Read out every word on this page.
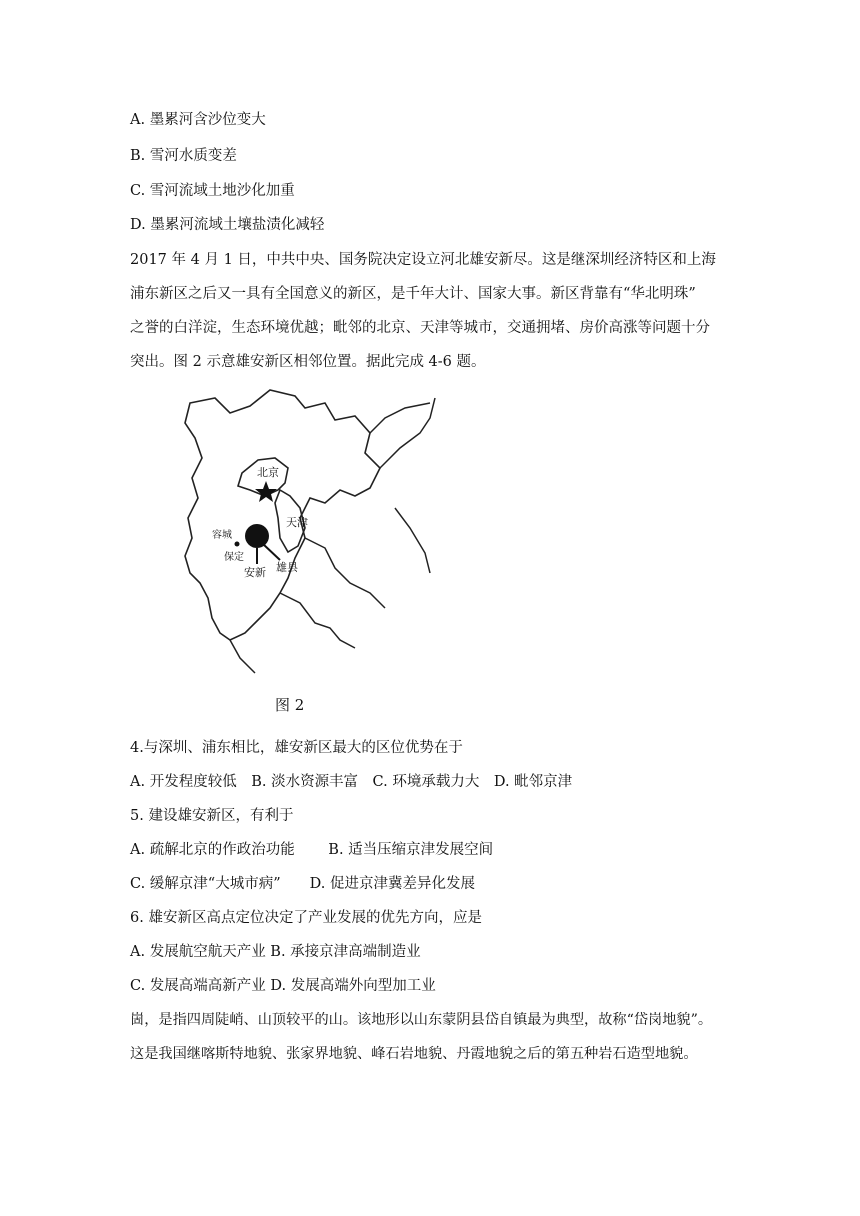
A. 墨累河含沙位变大
B. 雪河水质变差
C. 雪河流域土地沙化加重
D. 墨累河流域土壤盐渍化减轻
2017 年 4 月 1 日，中共中央、国务院决定设立河北雄安新尽。这是继深圳经济特区和上海
浦东新区之后又一具有全国意义的新区，是千年大计、国家大事。新区背靠有“华北明珠”
之誉的白洋淀，生态环境优越；毗邻的北京、天津等城市，交通拥堵、房价高涨等问题十分
突出。图 2 示意雄安新区相邻位置。据此完成 4-6 题。
北京
天津
容城
保定
安新 雄县
图 2
4.与深圳、浦东相比，雄安新区最大的区位优势在于
A. 开发程度较低　B. 淡水资源丰富　C. 环境承载力大　D. 毗邻京津
5. 建设雄安新区，有利于
A. 疏解北京的作政治功能　　 B. 适当压缩京津发展空间
C. 缓解京津“大城市病”　　D. 促进京津冀差异化发展
6. 雄安新区高点定位决定了产业发展的优先方向，应是
A. 发展航空航天产业 B. 承接京津高端制造业
C. 发展高端高新产业 D. 发展高端外向型加工业
崮，是指四周陡峭、山顶较平的山。该地形以山东蒙阴县岱自镇最为典型，故称“岱岗地貌”。
这是我国继喀斯特地貌、张家界地貌、峰石岩地貌、丹霞地貌之后的第五种岩石造型地貌。
